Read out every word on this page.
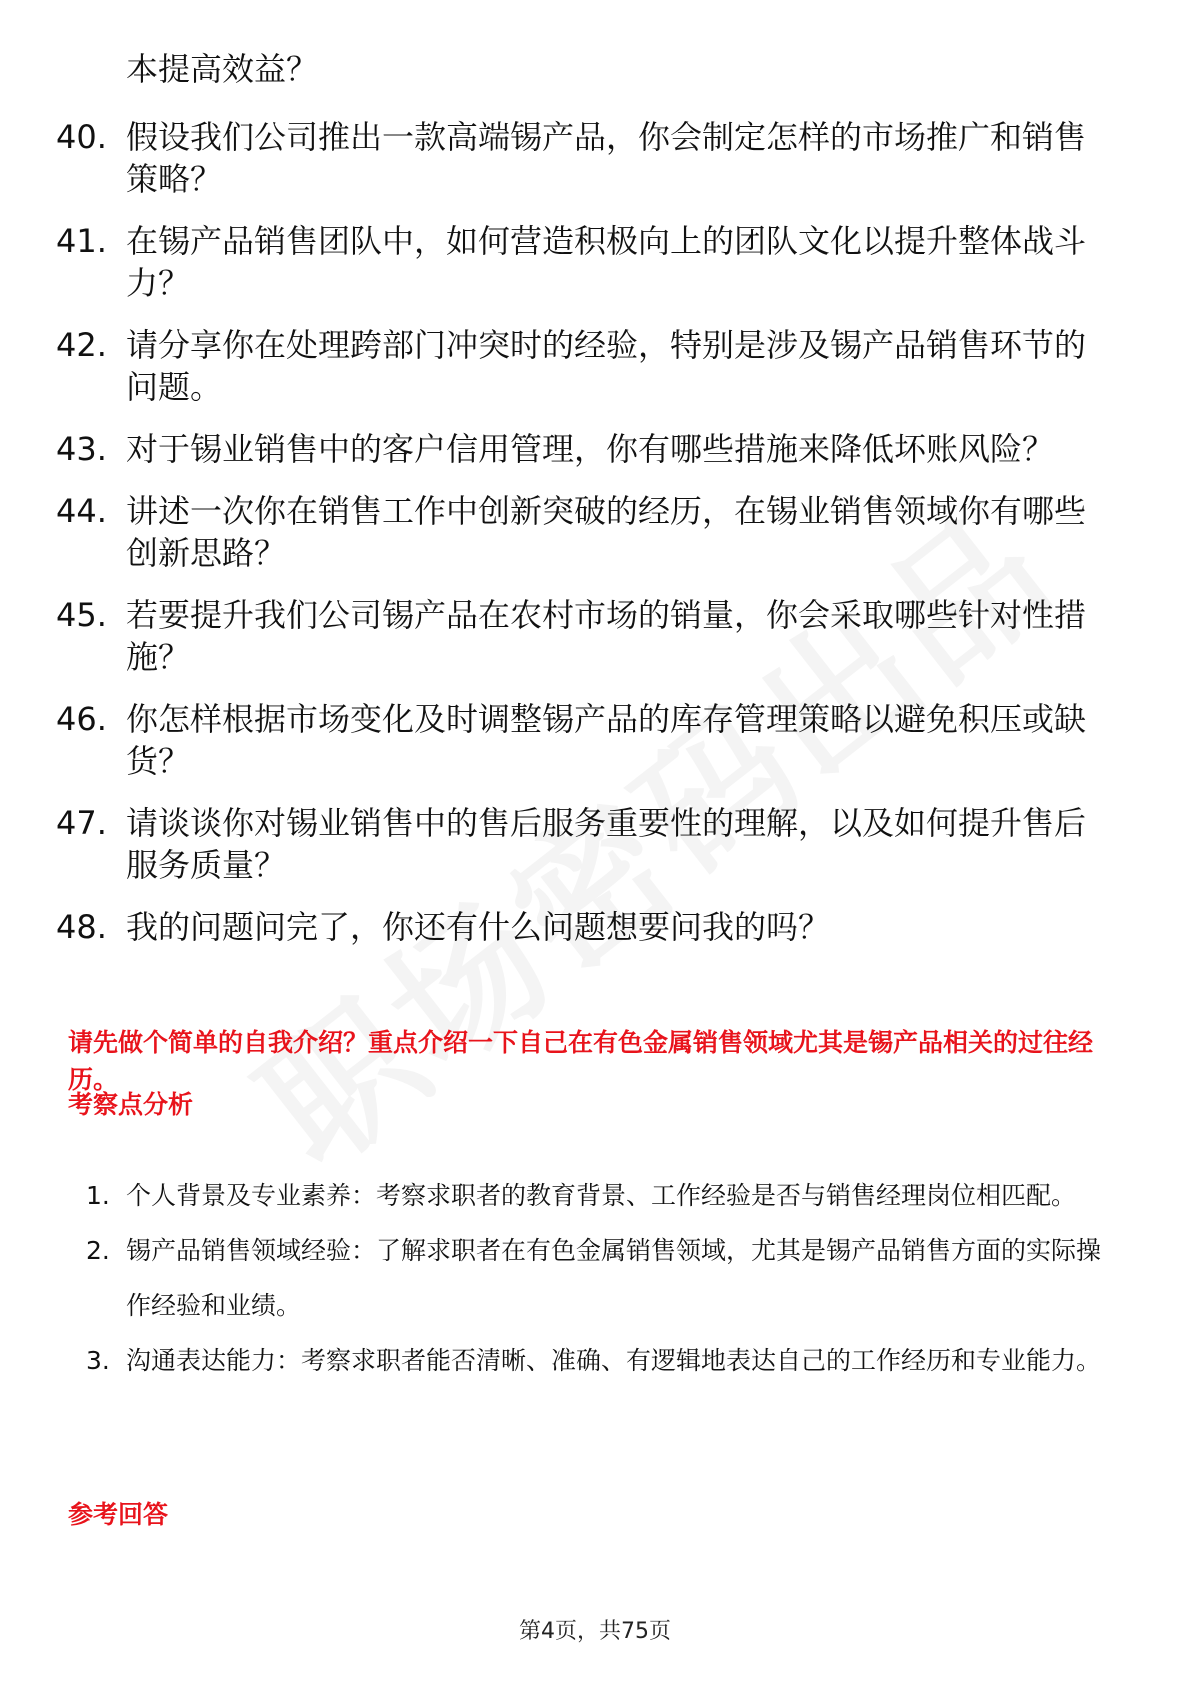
本提高效益？
40. 假设我们公司推出一款高端锡产品，你会制定怎样的市场推广和销售策略？
41. 在锡产品销售团队中，如何营造积极向上的团队文化以提升整体战斗力？
42. 请分享你在处理跨部门冲突时的经验，特别是涉及锡产品销售环节的问题。
43. 对于锡业销售中的客户信用管理，你有哪些措施来降低坏账风险？
44. 讲述一次你在销售工作中创新突破的经历，在锡业销售领域你有哪些创新思路？
45. 若要提升我们公司锡产品在农村市场的销量，你会采取哪些针对性措施？
46. 你怎样根据市场变化及时调整锡产品的库存管理策略以避免积压或缺货？
47. 请谈谈你对锡业销售中的售后服务重要性的理解，以及如何提升售后服务质量？
48. 我的问题问完了，你还有什么问题想要问我的吗？
请先做个简单的自我介绍？重点介绍一下自己在有色金属销售领域尤其是锡产品相关的过往经历。
考察点分析
1. 个人背景及专业素养：考察求职者的教育背景、工作经验是否与销售经理岗位相匹配。
2. 锡产品销售领域经验：了解求职者在有色金属销售领域，尤其是锡产品销售方面的实际操作经验和业绩。
3. 沟通表达能力：考察求职者能否清晰、准确、有逻辑地表达自己的工作经历和专业能力。
参考回答
第4页，共75页
